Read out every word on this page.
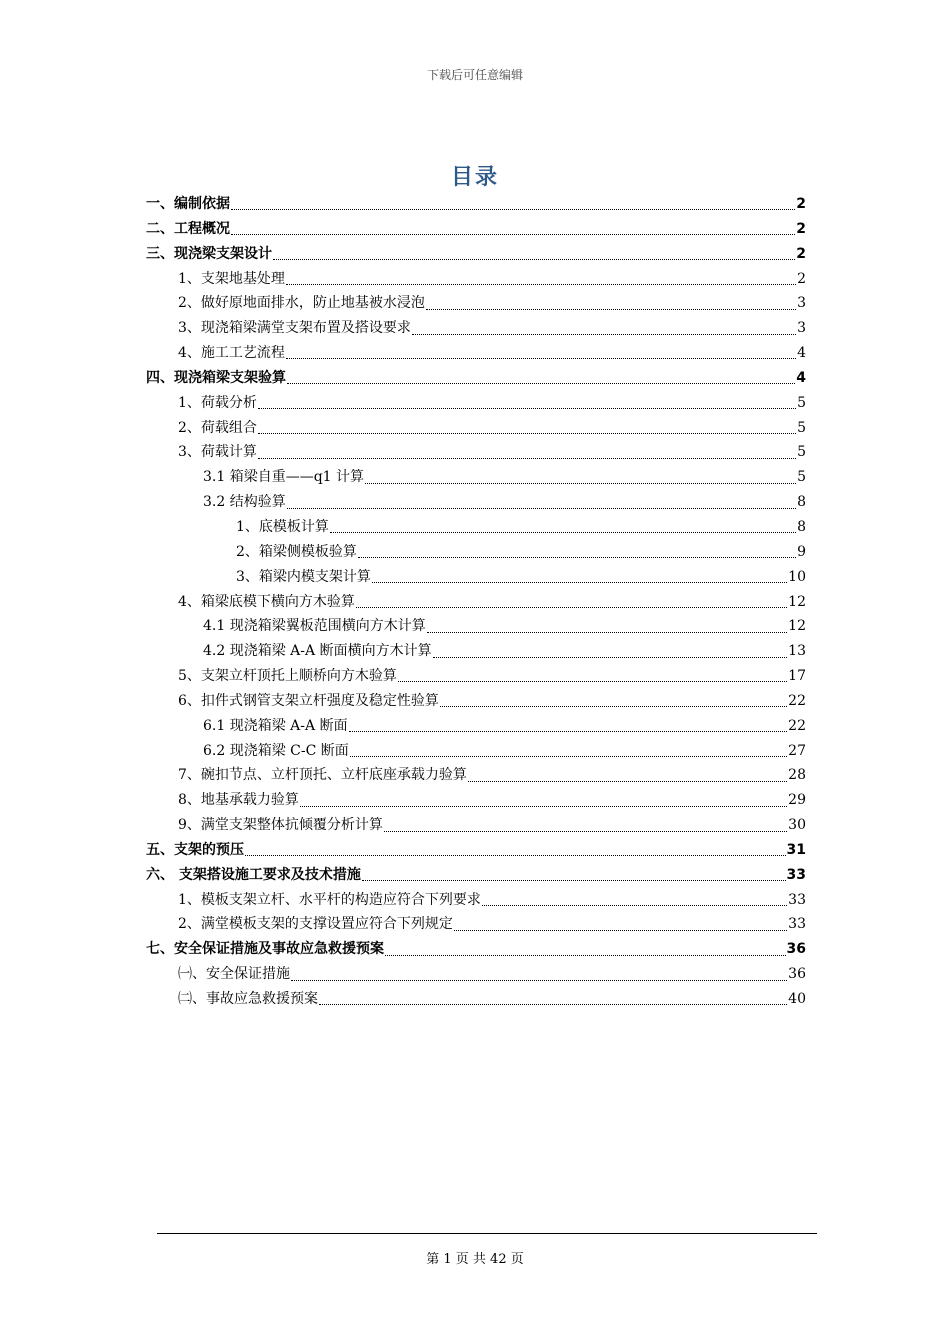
下载后可任意编辑
目录
一、编制依据	2
二、工程概况	2
三、现浇梁支架设计	2
1、支架地基处理	2
2、做好原地面排水，防止地基被水浸泡	3
3、现浇箱梁满堂支架布置及搭设要求	3
4、施工工艺流程	4
四、现浇箱梁支架验算	4
1、荷载分析	5
2、荷载组合	5
3、荷载计算	5
3.1 箱梁自重——q1 计算	5
3.2 结构验算	8
1、底模板计算	8
2、箱梁侧模板验算	9
3、箱梁内模支架计算	10
4、箱梁底模下横向方木验算	12
4.1 现浇箱梁翼板范围横向方木计算	12
4.2 现浇箱梁 A-A 断面横向方木计算	13
5、支架立杆顶托上顺桥向方木验算	17
6、扣件式钢管支架立杆强度及稳定性验算	22
6.1 现浇箱梁 A-A 断面	22
6.2 现浇箱梁 C-C 断面	27
7、碗扣节点、立杆顶托、立杆底座承载力验算	28
8、地基承载力验算	29
9、满堂支架整体抗倾覆分析计算	30
五、支架的预压	31
六、 支架搭设施工要求及技术措施	33
1、模板支架立杆、水平杆的构造应符合下列要求	33
2、满堂模板支架的支撑设置应符合下列规定	33
七、安全保证措施及事故应急救援预案	36
㈠、安全保证措施	36
㈡、事故应急救援预案	40
第 1 页 共 42 页
